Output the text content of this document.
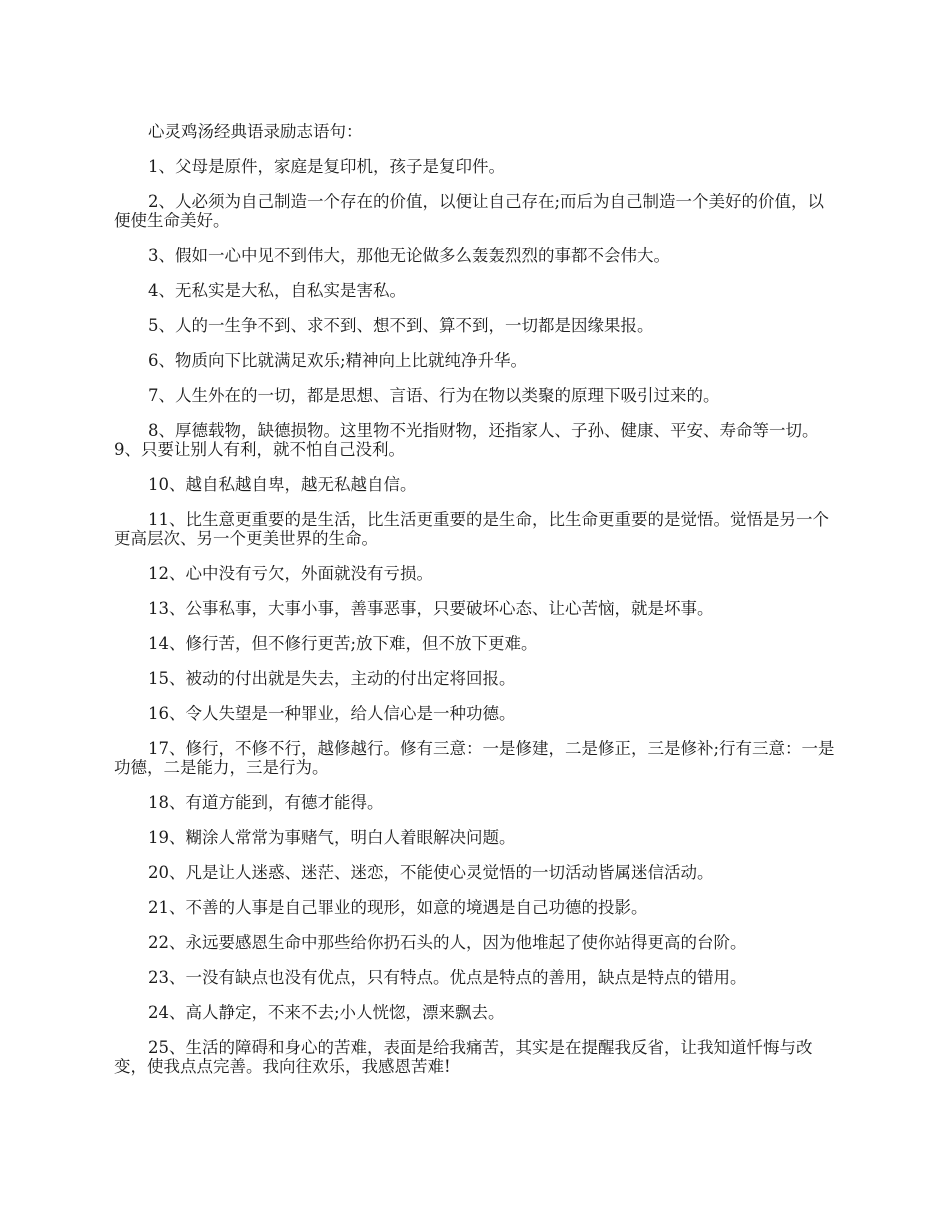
心灵鸡汤经典语录励志语句：

1、父母是原件，家庭是复印机，孩子是复印件。

2、人必须为自己制造一个存在的价值，以便让自己存在;而后为自己制造一个美好的价值，以便使生命美好。

3、假如一心中见不到伟大，那他无论做多么轰轰烈烈的事都不会伟大。

4、无私实是大私，自私实是害私。

5、人的一生争不到、求不到、想不到、算不到，一切都是因缘果报。

6、物质向下比就满足欢乐;精神向上比就纯净升华。

7、人生外在的一切，都是思想、言语、行为在物以类聚的原理下吸引过来的。

8、厚德载物，缺德损物。这里物不光指财物，还指家人、子孙、健康、平安、寿命等一切。　　9、只要让别人有利，就不怕自己没利。

10、越自私越自卑，越无私越自信。

11、比生意更重要的是生活，比生活更重要的是生命，比生命更重要的是觉悟。觉悟是另一个更高层次、另一个更美世界的生命。

12、心中没有亏欠，外面就没有亏损。

13、公事私事，大事小事，善事恶事，只要破坏心态、让心苦恼，就是坏事。

14、修行苦，但不修行更苦;放下难，但不放下更难。

15、被动的付出就是失去，主动的付出定将回报。

16、令人失望是一种罪业，给人信心是一种功德。

17、修行，不修不行，越修越行。修有三意：一是修建，二是修正，三是修补;行有三意：一是功德，二是能力，三是行为。

18、有道方能到，有德才能得。

19、糊涂人常常为事赌气，明白人着眼解决问题。

20、凡是让人迷惑、迷茫、迷恋，不能使心灵觉悟的一切活动皆属迷信活动。

21、不善的人事是自己罪业的现形，如意的境遇是自己功德的投影。

22、永远要感恩生命中那些给你扔石头的人，因为他堆起了使你站得更高的台阶。

23、一没有缺点也没有优点，只有特点。优点是特点的善用，缺点是特点的错用。

24、高人静定，不来不去;小人恍惚，漂来飘去。

25、生活的障碍和身心的苦难，表面是给我痛苦，其实是在提醒我反省，让我知道忏悔与改变，使我点点完善。我向往欢乐，我感恩苦难!
